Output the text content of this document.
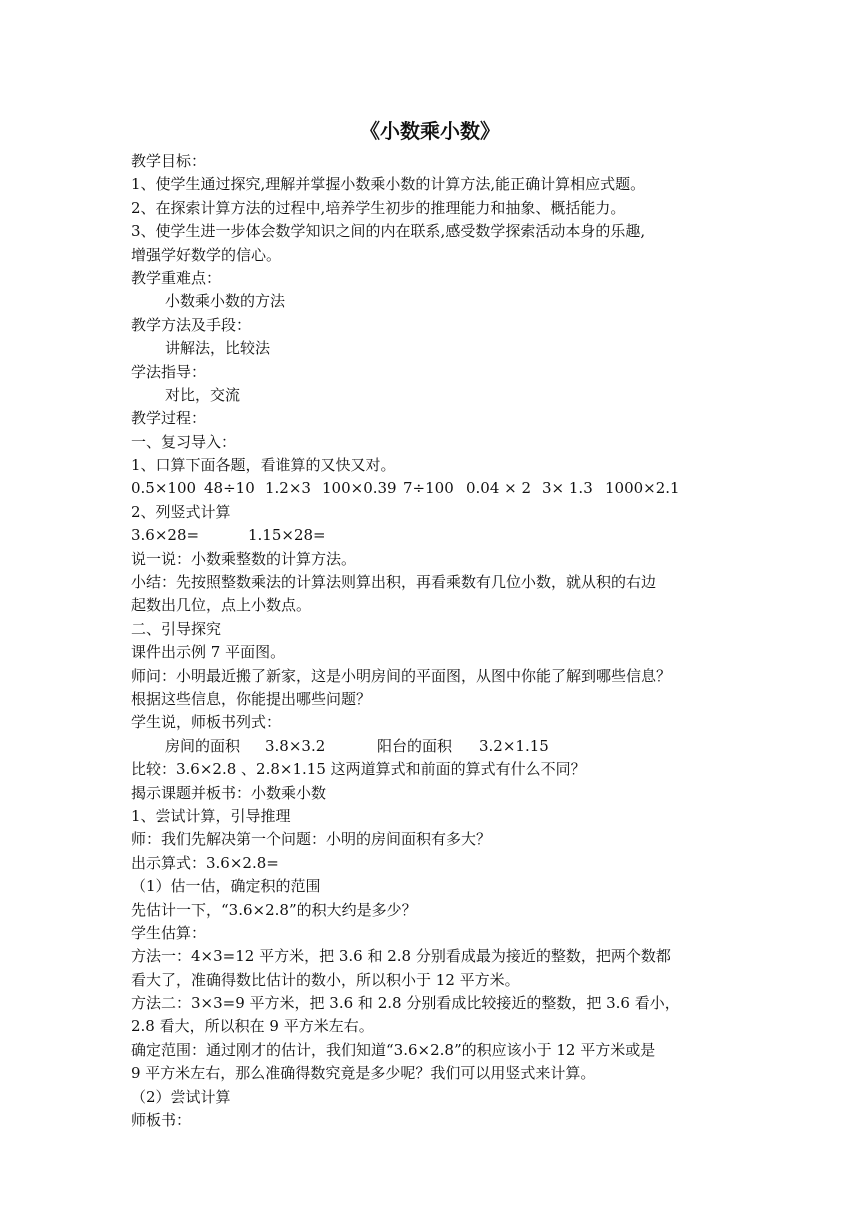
《小数乘小数》
教学目标：
1、使学生通过探究,理解并掌握小数乘小数的计算方法,能正确计算相应式题。
2、在探索计算方法的过程中,培养学生初步的推理能力和抽象、概括能力。
3、使学生进一步体会数学知识之间的内在联系,感受数学探索活动本身的乐趣,
增强学好数学的信心。
教学重难点：
小数乘小数的方法
教学方法及手段：
讲解法，比较法
学法指导：
对比，交流
教学过程：
一、复习导入：
1、口算下面各题，看谁算的又快又对。
0.5×100 48÷10 1.2×3 100×0.39 7÷100 0.04 × 2 3× 1.3 1000×2.1
2、列竖式计算
3.6×28=	1.15×28=
说一说：小数乘整数的计算方法。
小结：先按照整数乘法的计算法则算出积，再看乘数有几位小数，就从积的右边
起数出几位，点上小数点。
二、引导探究
课件出示例 7 平面图。
师问：小明最近搬了新家，这是小明房间的平面图，从图中你能了解到哪些信息？
根据这些信息，你能提出哪些问题？
学生说，师板书列式：
房间的面积	3.8×3.2	阳台的面积	3.2×1.15
比较：3.6×2.8 、2.8×1.15 这两道算式和前面的算式有什么不同？
揭示课题并板书：小数乘小数
1、尝试计算，引导推理
师：我们先解决第一个问题：小明的房间面积有多大？
出示算式：3.6×2.8=
（1）估一估，确定积的范围
先估计一下，“3.6×2.8”的积大约是多少？
学生估算：
方法一：4×3=12 平方米，把 3.6 和 2.8 分别看成最为接近的整数，把两个数都
看大了，准确得数比估计的数小，所以积小于 12 平方米。
方法二：3×3=9 平方米，把 3.6 和 2.8 分别看成比较接近的整数，把 3.6 看小，
2.8 看大，所以积在 9 平方米左右。
确定范围：通过刚才的估计，我们知道“3.6×2.8”的积应该小于 12 平方米或是
9 平方米左右，那么准确得数究竟是多少呢？我们可以用竖式来计算。
（2）尝试计算
师板书：
